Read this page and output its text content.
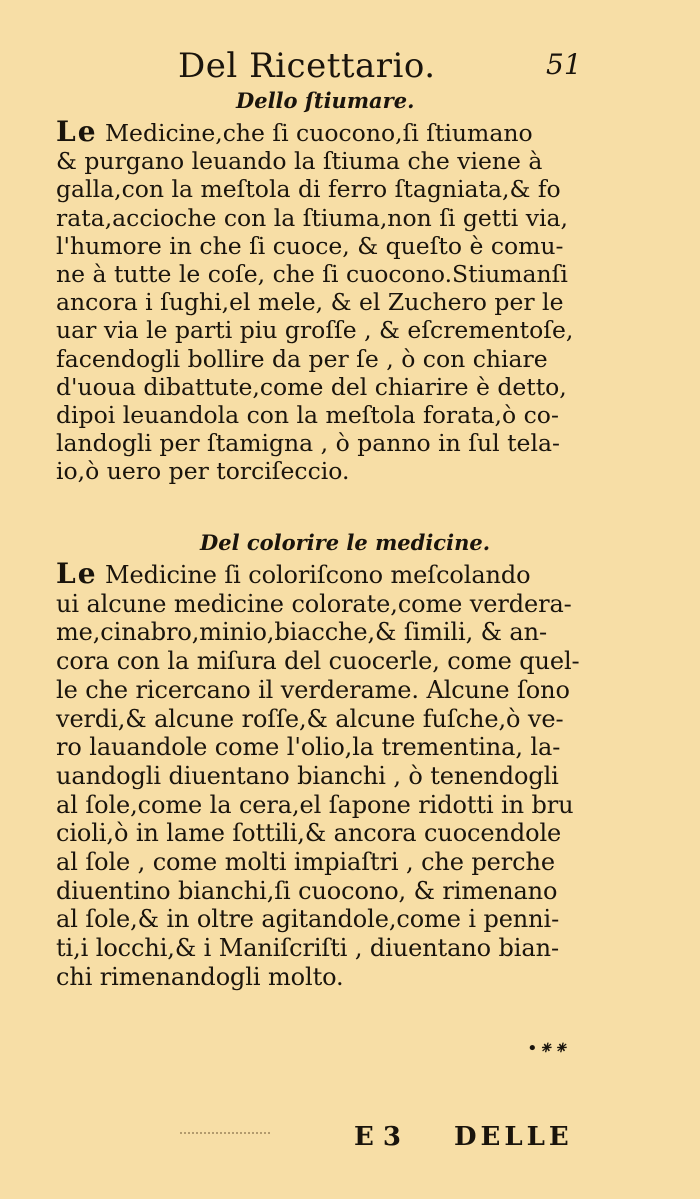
Del Ricettario.	51
Dello ſtiumare.
Le Medicine,che ſi cuocono,ſi ſtiumano
& purgano leuando la ſtiuma che viene à
galla,con la meſtola di ferro ſtagniata,& fo
rata,accioche con la ſtiuma,non ſi getti via,
l'humore in che ſi cuoce, & queſto è comu-
ne à tutte le coſe, che ſi cuocono.Stiumanſi
ancora i ſughi,el mele, & el Zuchero per le
uar via le parti piu groſſe , & eſcrementoſe,
facendogli bollire da per ſe , ò con chiare
d'uoua dibattute,come del chiarire è detto,
dipoi leuandola con la meſtola forata,ò co-
landogli per ſtamigna , ò panno in ſul tela-
io,ò uero per torciſeccio.
Del colorire le medicine.
Le Medicine ſi coloriſcono meſcolando
ui alcune medicine colorate,come verdera-
me,cinabro,minio,biacche,& ſimili, & an-
cora con la miſura del cuocerle, come quel-
le che ricercano il verderame. Alcune ſono
verdi,& alcune roſſe,& alcune fuſche,ò ve-
ro lauandole come l'olio,la trementina, la-
uandogli diuentano bianchi , ò tenendogli
al ſole,come la cera,el ſapone ridotti in bru
cioli,ò in lame ſottili,& ancora cuocendole
al ſole , come molti impiaſtri , che perche
diuentino bianchi,ſi cuocono, & rimenano
al ſole,& in oltre agitandole,come i penni-
ti,i locchi,& i Maniſcriſti , diuentano bian-
chi rimenandogli molto.
•⁕⁕
E 3 DELLE
